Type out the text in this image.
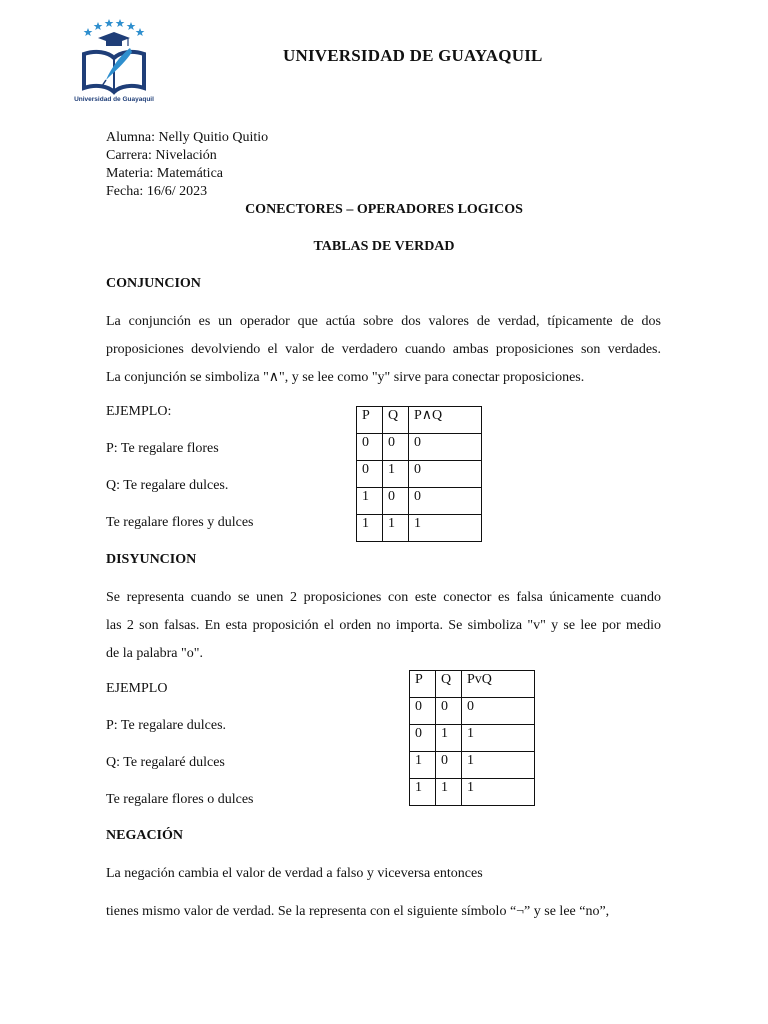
Universidad de Guayaquil
UNIVERSIDAD DE GUAYAQUIL
Alumna: Nelly Quitio Quitio
Carrera: Nivelación
Materia: Matemática
Fecha: 16/6/ 2023
CONECTORES – OPERADORES LOGICOS
TABLAS DE VERDAD
CONJUNCION
La conjunción es un operador que actúa sobre dos valores de verdad, típicamente de dos
proposiciones devolviendo el valor de verdadero cuando ambas proposiciones son verdades.
La conjunción se simboliza "∧", y se lee como "y" sirve para conectar proposiciones.
EJEMPLO:
P: Te regalare flores
Q: Te regalare dulces.
Te regalare flores y dulces
P	Q	P∧Q
0	0	0
0	1	0
1	0	0
1	1	1
DISYUNCION
Se representa cuando se unen 2 proposiciones con este conector es falsa únicamente cuando
las 2 son falsas. En esta proposición el orden no importa. Se simboliza "v" y se lee por medio
de la palabra "o".
EJEMPLO
P: Te regalare dulces.
Q: Te regalaré dulces
Te regalare flores o dulces
P	Q	PvQ
0	0	0
0	1	1
1	0	1
1	1	1
NEGACIÓN
La negación cambia el valor de verdad a falso y viceversa entonces
tienes mismo valor de verdad. Se la representa con el siguiente símbolo “¬” y se lee “no”,
